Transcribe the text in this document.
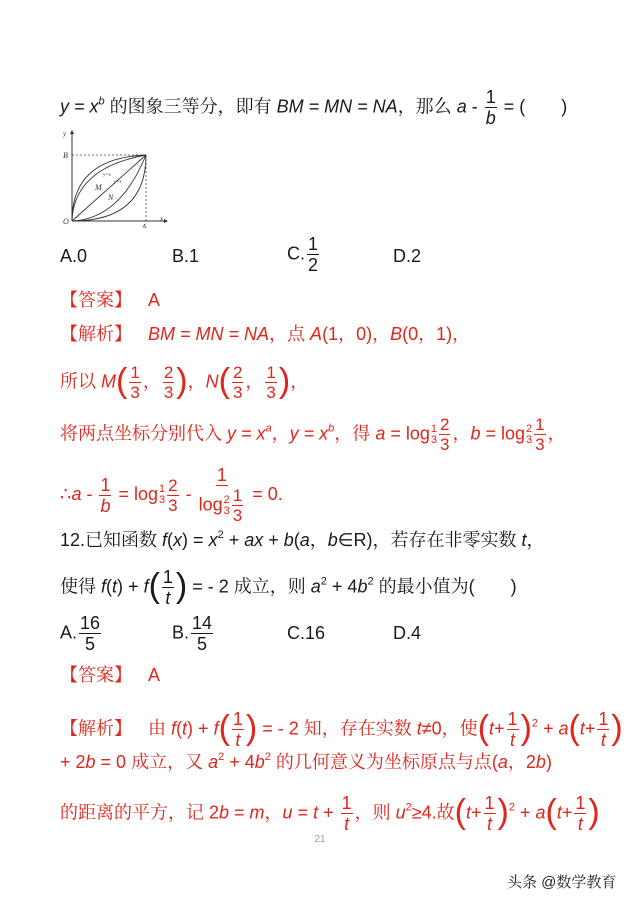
$y = x^b$ 的图象三等分，即有 BM = MN = NA，那么 a - $\frac{1}{b}$ = (　　)
y
B
O
A
x
M
N
y=x
y=x
A.0	B.1	C. $\frac{1}{2}$	D.2
【答案】 A
【解析】 BM = MN = NA，点 A(1，0)，B(0，1)，
所以 $M( \frac{1}{3}$ ， $\frac{2}{3}$ )，$N( \frac{2}{3}$ ， $\frac{1}{3}$ )，
将两点坐标分别代入 $y = x^a$，$y = x^b$，得 a = log 1
$3 \frac{2}{3}$ ，b = log 2
$3 \frac{1}{3}$ ，
∴a - $\frac{1}{b} = \log 1$
$3 \frac{2}{3} - 1$
log 2
$3 \frac{1}{3} = 0$.
12.已知函数 $f(x) = x^2$ + ax + b(a，b∈R)，若存在非零实数 t，
使得 $f(t) + f( \frac{1}{t}$ ) = - 2 成立，则 $a^2 + 4b^2$ 的最小值为(　　)
A. $\frac{16}{5}$	B. $\frac{14}{5}$	C.16	D.4
【答案】 A
【解析】 由 $f(t) + f( \frac{1}{t}$ ) = - 2 知，存在实数 t≠0，使$(t+ \frac{1}{t} )^2 + a(t+ \frac{1}{t}$ )
+ 2b = 0 成立，又 $a^2 + 4b^2$ 的几何意义为坐标原点与点(a，2b)
的距离的平方，记 2b = m，$u = t + \frac{1}{t}$ ，则 $u^2\ge 4$.故$(t+ \frac{1}{t} )^2 + a(t+ \frac{1}{t}$ )
21
头条 @数学教育
